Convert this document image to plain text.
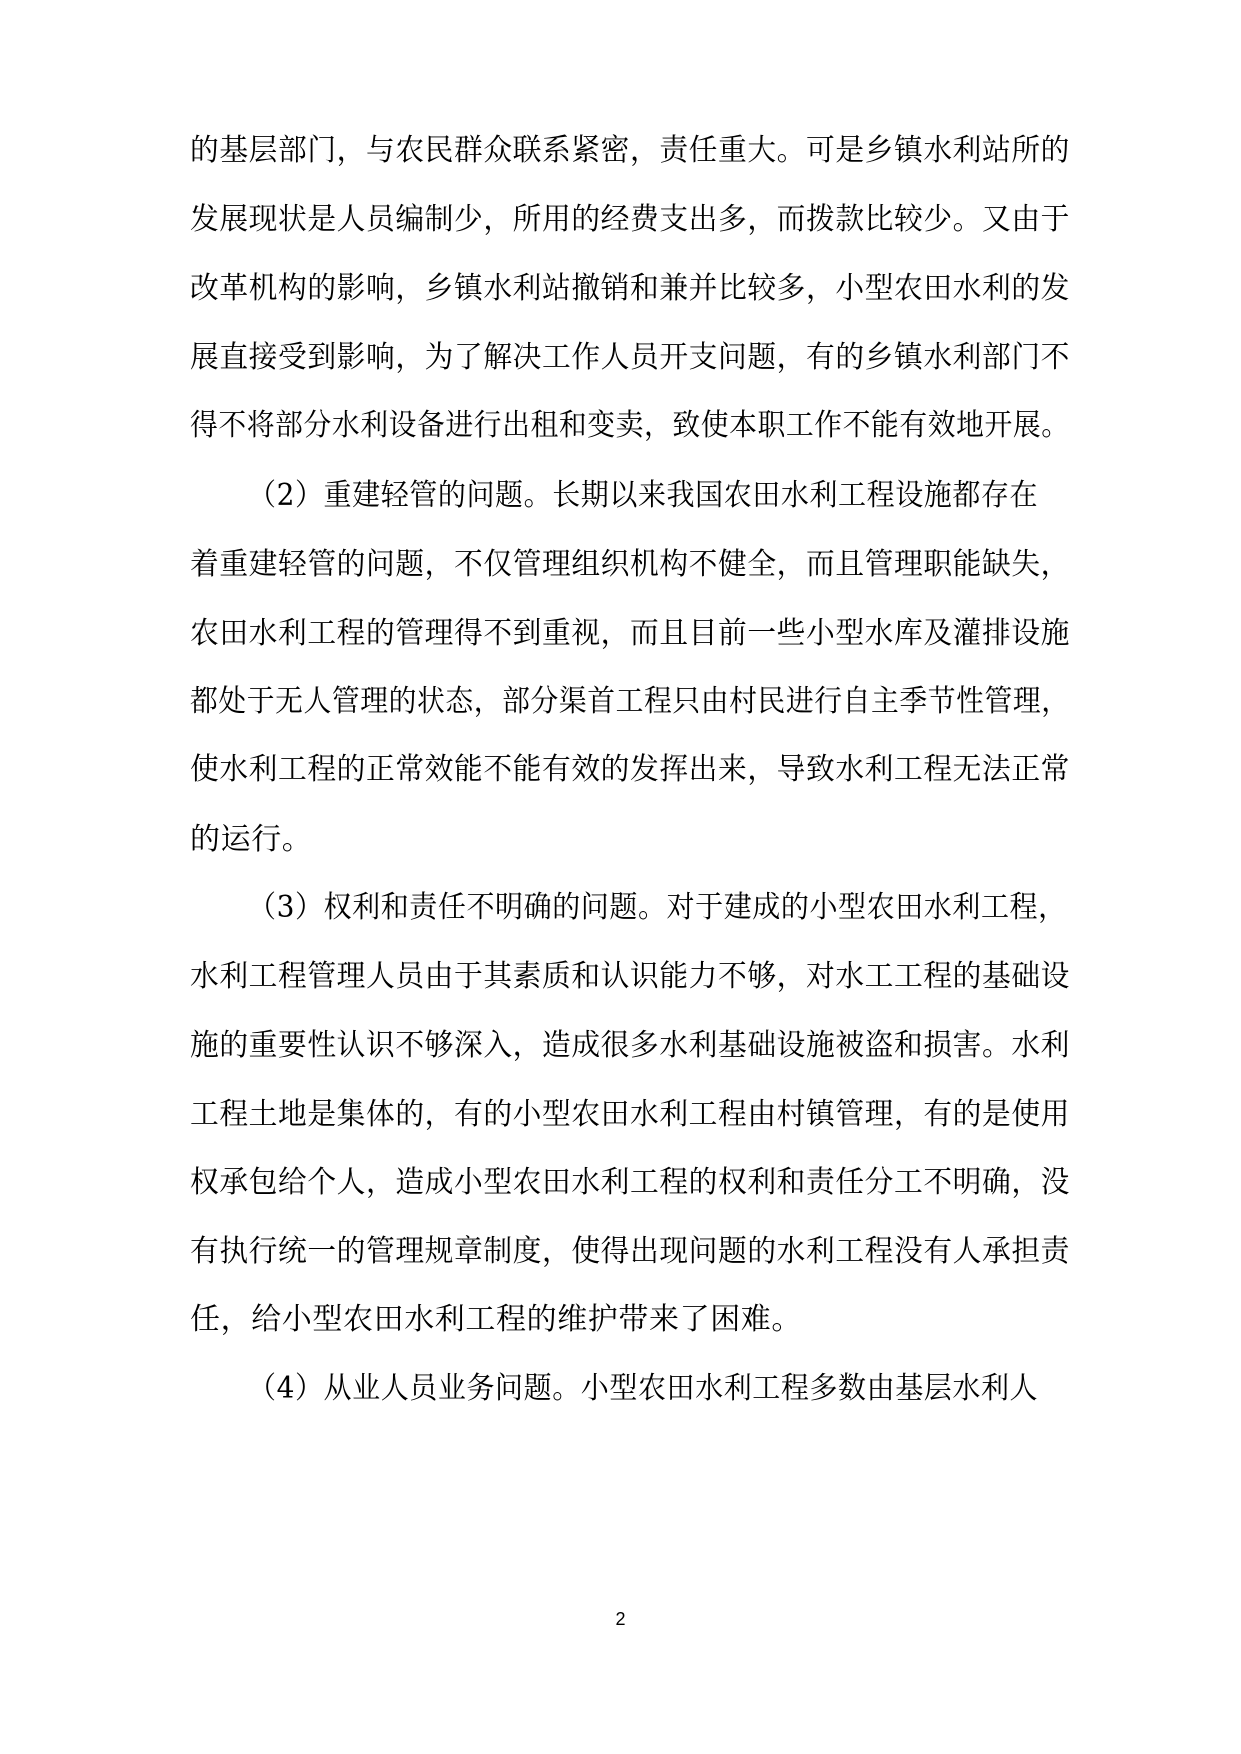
的基层部门，与农民群众联系紧密，责任重大。可是乡镇水利站所的
发展现状是人员编制少，所用的经费支出多，而拨款比较少。又由于
改革机构的影响，乡镇水利站撤销和兼并比较多，小型农田水利的发
展直接受到影响，为了解决工作人员开支问题，有的乡镇水利部门不
得不将部分水利设备进行出租和变卖，致使本职工作不能有效地开展。
（2）重建轻管的问题。长期以来我国农田水利工程设施都存在
着重建轻管的问题，不仅管理组织机构不健全，而且管理职能缺失，
农田水利工程的管理得不到重视，而且目前一些小型水库及灌排设施
都处于无人管理的状态，部分渠首工程只由村民进行自主季节性管理，
使水利工程的正常效能不能有效的发挥出来，导致水利工程无法正常
的运行。
（3）权利和责任不明确的问题。对于建成的小型农田水利工程，
水利工程管理人员由于其素质和认识能力不够，对水工工程的基础设
施的重要性认识不够深入，造成很多水利基础设施被盗和损害。水利
工程土地是集体的，有的小型农田水利工程由村镇管理，有的是使用
权承包给个人，造成小型农田水利工程的权利和责任分工不明确，没
有执行统一的管理规章制度，使得出现问题的水利工程没有人承担责
任，给小型农田水利工程的维护带来了困难。
（4）从业人员业务问题。小型农田水利工程多数由基层水利人
2
